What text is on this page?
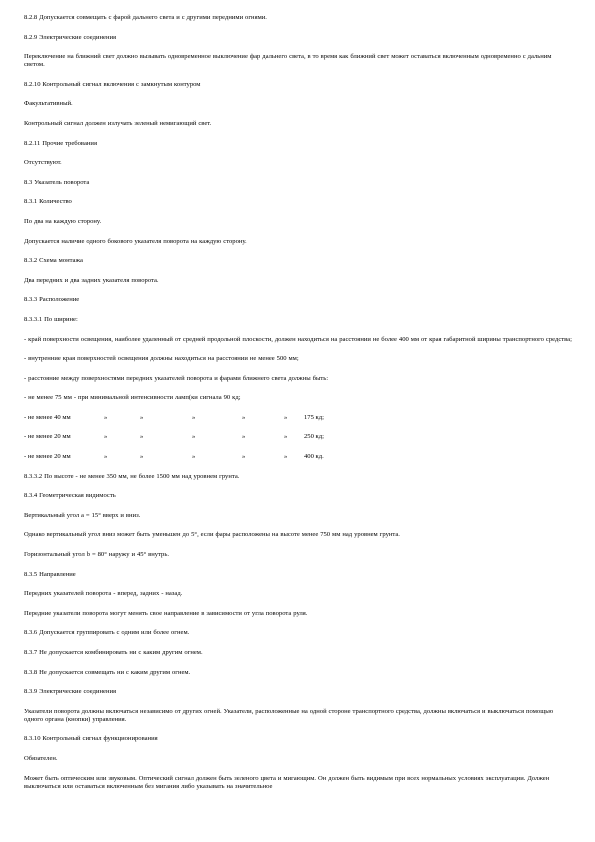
8.2.8 Допускается совмещать с фарой дальнего света и с другими передними огнями.

8.2.9 Электрические соединения

Переключение на ближний свет должно вызывать одновременное выключение фар дальнего света, в то время как ближний свет может оставаться включенным одновременно с дальним светом.

8.2.10 Контрольный сигнал включения с замкнутым контуром

Факультативный.

Контрольный сигнал должен излучать зеленый немигающий свет.

8.2.11 Прочие требования

Отсутствуют.

8.3 Указатель поворота

8.3.1 Количество

По два на каждую сторону.

Допускается наличие одного бокового указателя поворота на каждую сторону.

8.3.2 Схема монтажа

Два передних и два задних указателя поворота.

8.3.3 Расположение

8.3.3.1 По ширине:

- край поверхности освещения, наиболее удаленный от средней продольной плоскости, должен находиться на расстоянии не более 400 мм от края габаритной ширины транспортного средства;

- внутренние края поверхностей освещения должны находиться на расстоянии не менее 500 мм;

- расстояние между поверхностями передних указателей поворота и фарами ближнего света должны быть:

- не менее 75 мм - при минимальной интенсивности ламп(ки сигнала 90 кд;

- не менее 40 мм	»	»	»	»	»	175 кд;
- не менее 20 мм	»	»	»	»	»	250 кд;
- не менее 20 мм	»	»	»	»	»	400 кд.

8.3.3.2 По высоте - не менее 350 мм, не более 1500 мм над уровнем грунта.

8.3.4 Геометрическая видимость

Вертикальный угол a = 15° вверх и вниз.

Однако вертикальный угол вниз может быть уменьшен до 5°, если фары расположены на высоте менее 750 мм над уровнем грунта.

Горизонтальный угол b = 80° наружу и 45° внутрь.

8.3.5 Направление

Передних указателей поворота - вперед, задних - назад.

Передние указатели поворота могут менять свое направление в зависимости от угла поворота руля.

8.3.6 Допускается группировать с одним или более огнем.

8.3.7 Не допускается комбинировать ни с каким другим огнем.

8.3.8 Не допускается совмещать ни с каким другим огнем.

8.3.9 Электрические соединения

Указатели поворота должны включаться независимо от других огней. Указатели, расположенные на одной стороне транспортного средства, должны включаться и выключаться помощью одного органа (кнопки) управления.

8.3.10 Контрольный сигнал функционирования

Обязателен.

Может быть оптическим или звуковым. Оптический сигнал должен быть зеленого цвета и мигающим. Он должен быть видимым при всех нормальных условиях эксплуатации. Должен выключаться или оставаться включенным без мигания либо указывать на значительное
